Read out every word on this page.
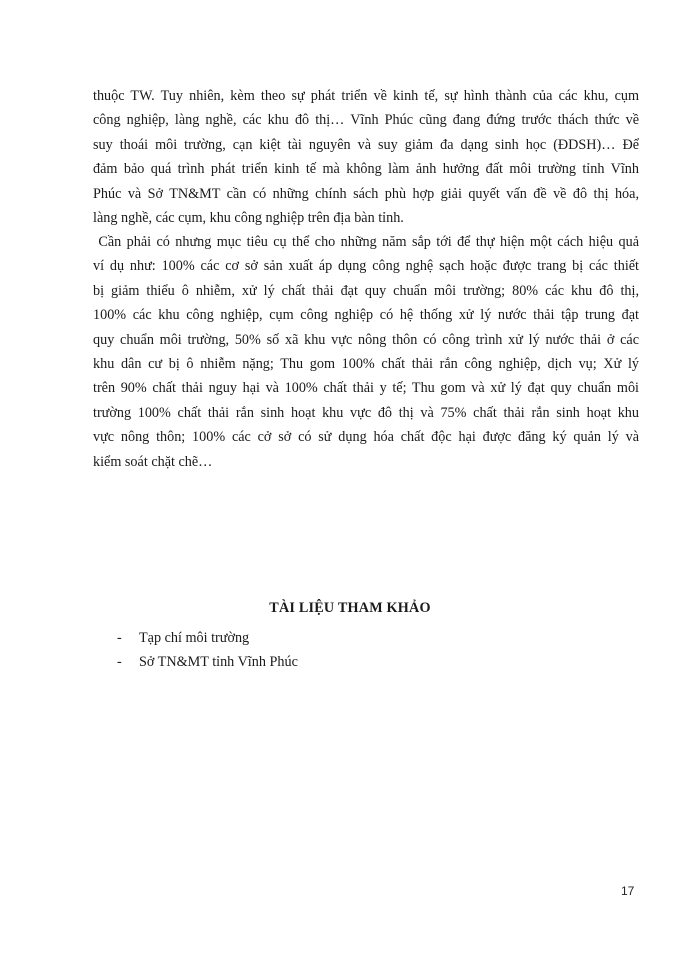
thuộc TW. Tuy nhiên, kèm theo sự phát triển về kinh tế, sự hình thành của các khu, cụm
công nghiệp, làng nghề, các khu đô thị… Vĩnh Phúc cũng đang đứng trước thách thức về
suy thoái môi trường, cạn kiệt tài nguyên và suy giảm đa dạng sinh học (ĐDSH)… Để
đảm bảo quá trình phát triển kinh tế mà không làm ảnh hưởng đất môi trường tỉnh Vĩnh
Phúc và Sở TN&MT cần có những chính sách phù hợp giải quyết vấn đề về đô thị hóa,
làng nghề, các cụm, khu công nghiệp trên địa bàn tỉnh.
Cần phải có nhưng mục tiêu cụ thể cho những năm sắp tới để thự hiện một cách hiệu quả
ví dụ như: 100% các cơ sở sản xuất áp dụng công nghệ sạch hoặc được trang bị các thiết
bị giảm thiểu ô nhiễm, xử lý chất thải đạt quy chuẩn môi trường; 80% các khu đô thị,
100% các khu công nghiệp, cụm công nghiệp có hệ thống xử lý nước thải tập trung đạt
quy chuẩn môi trường, 50% số xã khu vực nông thôn có công trình xử lý nước thải ở các
khu dân cư bị ô nhiễm nặng; Thu gom 100% chất thải rắn công nghiệp, dịch vụ; Xử lý
trên 90% chất thải nguy hại và 100% chất thải y tế; Thu gom và xử lý đạt quy chuẩn môi
trường 100% chất thải rắn sinh hoạt khu vực đô thị và 75% chất thải rắn sinh hoạt khu
vực nông thôn; 100% các cở sở có sử dụng hóa chất độc hại được đăng ký quản lý và
kiểm soát chặt chẽ…
TÀI LIỆU THAM KHẢO
-	Tạp chí môi trường
-	Sở TN&MT tỉnh Vĩnh Phúc
17
